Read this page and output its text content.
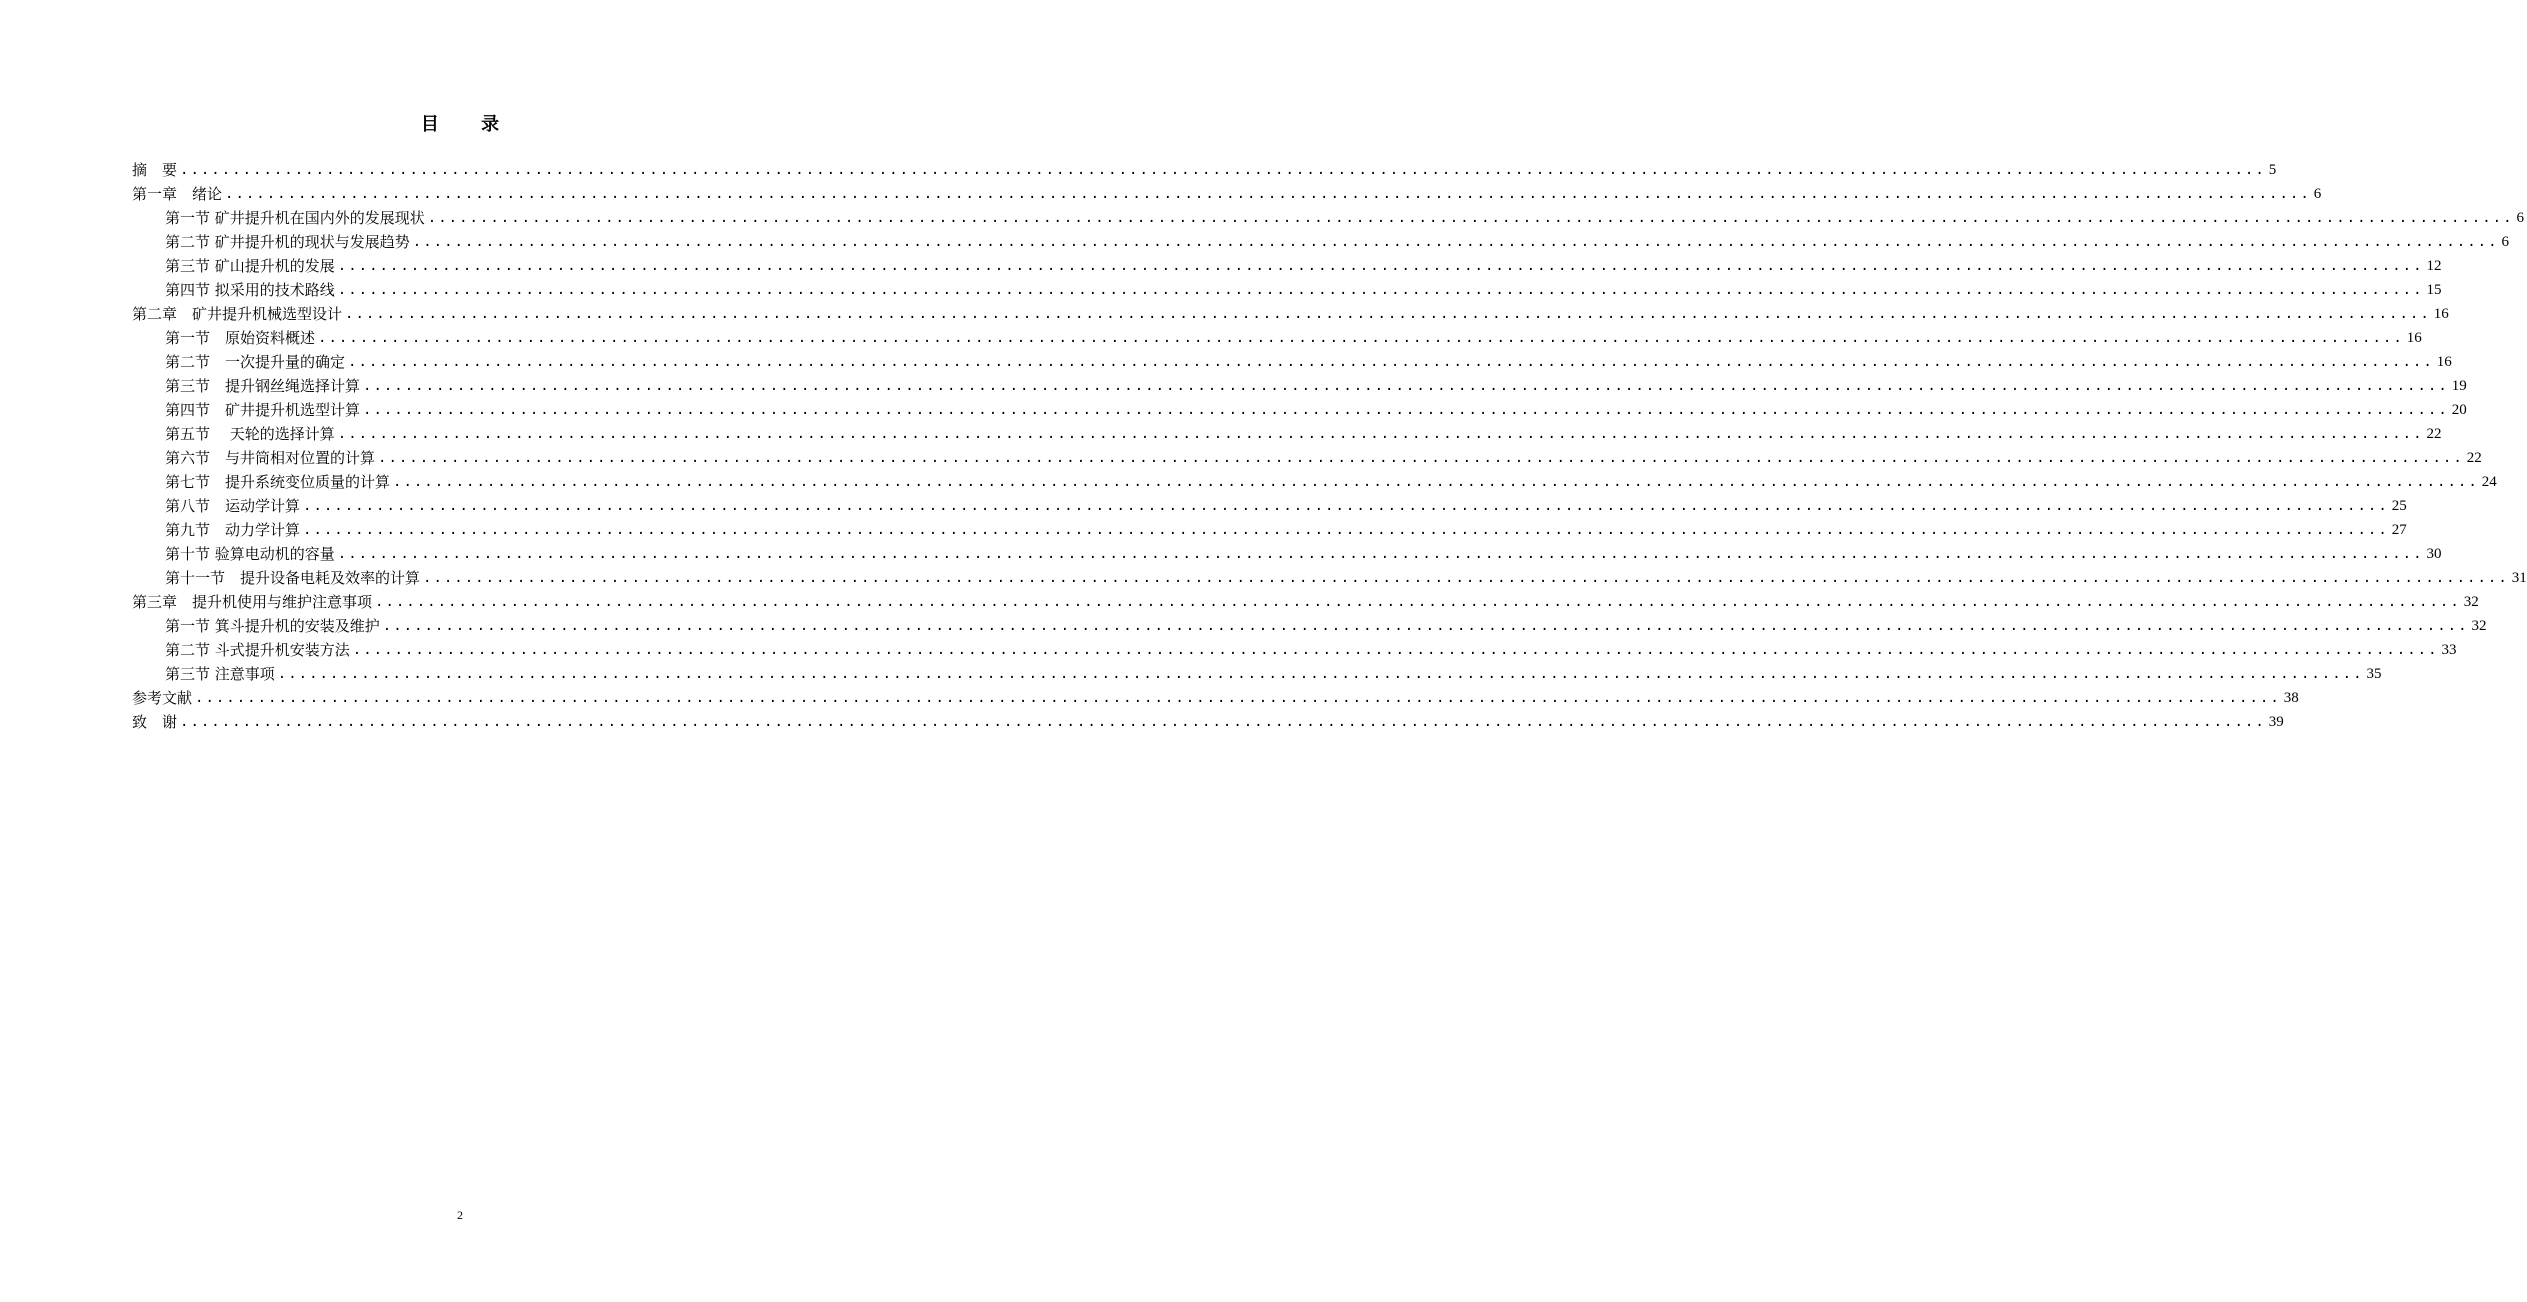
目 录
摘　要 ........................................................................................................................................................................................................ 5
第一章　绪论 ........................................................................................................................................................................................................ 6
第一节 矿井提升机在国内外的发展现状 ........................................................................................................................................................................................................ 6
第二节 矿井提升机的现状与发展趋势 ........................................................................................................................................................................................................ 6
第三节 矿山提升机的发展 ........................................................................................................................................................................................................ 12
第四节 拟采用的技术路线 ........................................................................................................................................................................................................ 15
第二章　矿井提升机械选型设计 ........................................................................................................................................................................................................ 16
第一节　原始资料概述 ........................................................................................................................................................................................................ 16
第二节　一次提升量的确定 ........................................................................................................................................................................................................ 16
第三节　提升钢丝绳选择计算 ........................................................................................................................................................................................................ 19
第四节　矿井提升机选型计算 ........................................................................................................................................................................................................ 20
第五节　 天轮的选择计算 ........................................................................................................................................................................................................ 22
第六节　与井筒相对位置的计算 ........................................................................................................................................................................................................ 22
第七节　提升系统变位质量的计算 ........................................................................................................................................................................................................ 24
第八节　运动学计算 ........................................................................................................................................................................................................ 25
第九节　动力学计算 ........................................................................................................................................................................................................ 27
第十节 验算电动机的容量 ........................................................................................................................................................................................................ 30
第十一节　提升设备电耗及效率的计算 ........................................................................................................................................................................................................ 31
第三章　提升机使用与维护注意事项 ........................................................................................................................................................................................................ 32
第一节 箕斗提升机的安装及维护 ........................................................................................................................................................................................................ 32
第二节 斗式提升机安装方法 ........................................................................................................................................................................................................ 33
第三节 注意事项 ........................................................................................................................................................................................................ 35
参考文献 ........................................................................................................................................................................................................ 38
致　谢 ........................................................................................................................................................................................................ 39
2
